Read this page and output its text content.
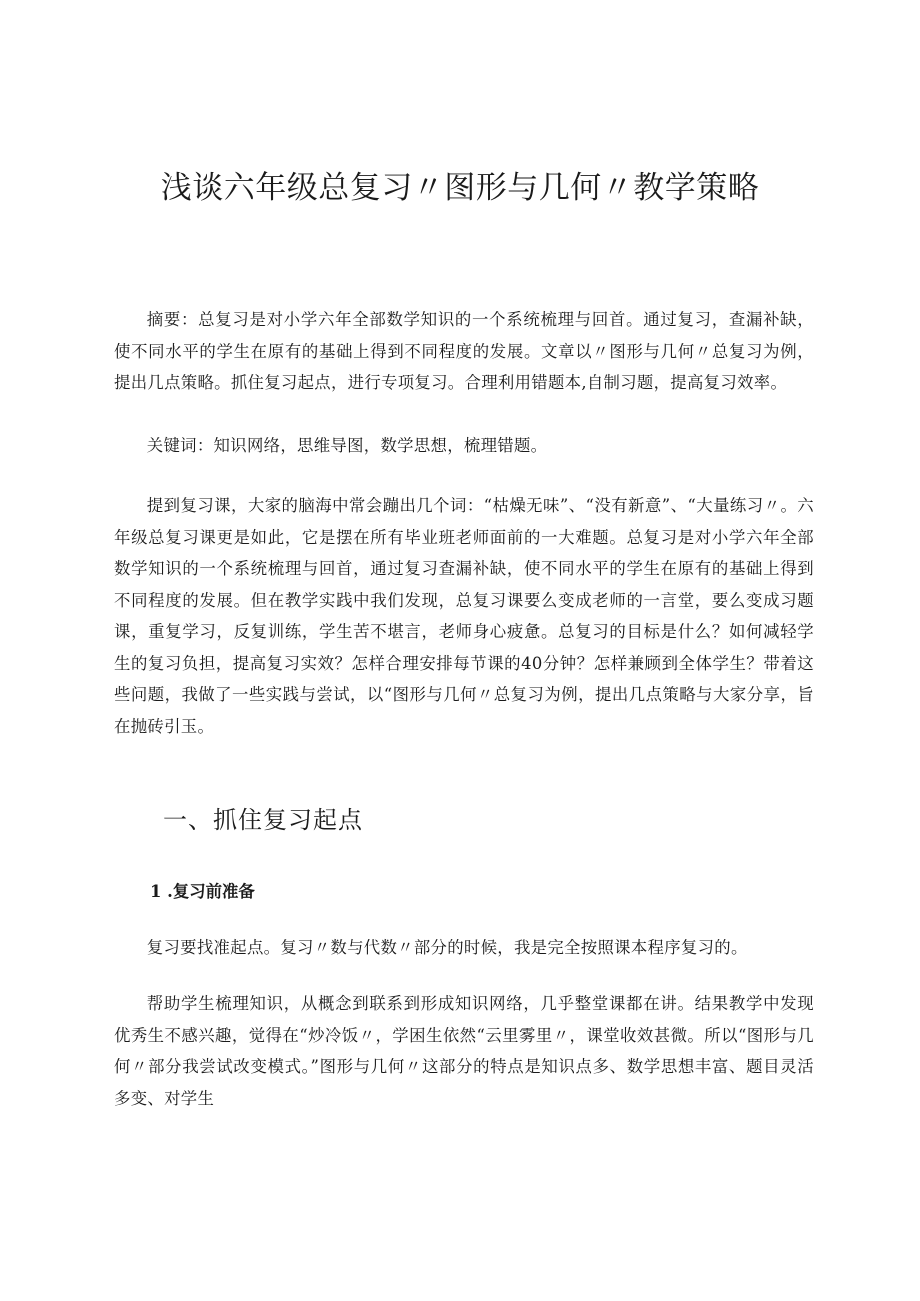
浅谈六年级总复习〃图形与几何〃教学策略

摘要：总复习是对小学六年全部数学知识的一个系统梳理与回首。通过复习，查漏补缺，使不同水平的学生在原有的基础上得到不同程度的发展。文章以〃图形与几何〃总复习为例，提出几点策略。抓住复习起点，进行专项复习。合理利用错题本,自制习题，提高复习效率。

关键词：知识网络，思维导图，数学思想，梳理错题。

提到复习课，大家的脑海中常会蹦出几个词：“枯燥无味”、“没有新意”、“大量练习〃。六年级总复习课更是如此，它是摆在所有毕业班老师面前的一大难题。总复习是对小学六年全部数学知识的一个系统梳理与回首，通过复习查漏补缺，使不同水平的学生在原有的基础上得到不同程度的发展。但在教学实践中我们发现，总复习课要么变成老师的一言堂，要么变成习题课，重复学习，反复训练，学生苦不堪言，老师身心疲惫。总复习的目标是什么？如何减轻学生的复习负担，提高复习实效？怎样合理安排每节课的40分钟？怎样兼顾到全体学生？带着这些问题，我做了一些实践与尝试，以“图形与几何〃总复习为例，提出几点策略与大家分享，旨在抛砖引玉。

一、抓住复习起点
1 .复习前准备

复习要找准起点。复习〃数与代数〃部分的时候，我是完全按照课本程序复习的。

帮助学生梳理知识，从概念到联系到形成知识网络，几乎整堂课都在讲。结果教学中发现优秀生不感兴趣，觉得在“炒冷饭〃，学困生依然“云里雾里〃，课堂收效甚微。所以“图形与几何〃部分我尝试改变模式。”图形与几何〃这部分的特点是知识点多、数学思想丰富、题目灵活多变、对学生
